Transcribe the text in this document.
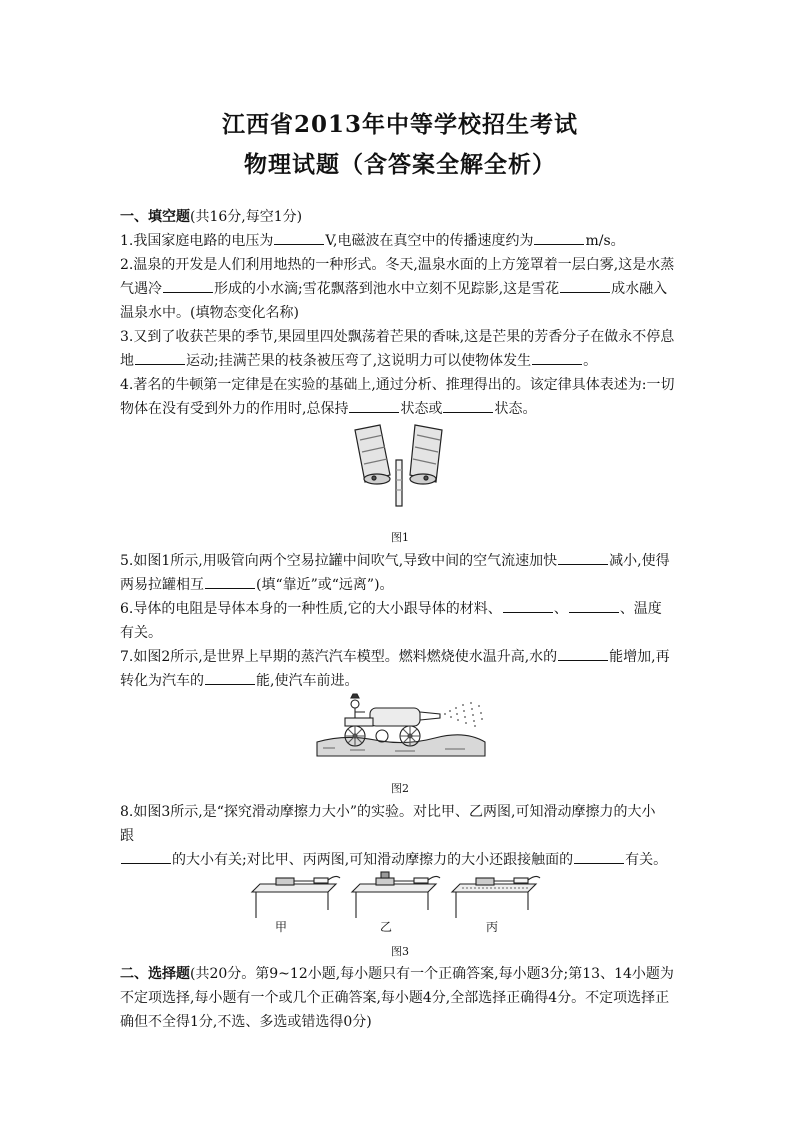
江西省2013年中等学校招生考试
物理试题（含答案全解全析）
一、填空题(共16分,每空1分)
1.我国家庭电路的电压为	V,电磁波在真空中的传播速度约为	m/s。
2.温泉的开发是人们利用地热的一种形式。冬天,温泉水面的上方笼罩着一层白雾,这是水蒸
气遇冷	形成的小水滴;雪花飘落到池水中立刻不见踪影,这是雪花	成水融入
温泉水中。(填物态变化名称)
3.又到了收获芒果的季节,果园里四处飘荡着芒果的香味,这是芒果的芳香分子在做永不停息
地	运动;挂满芒果的枝条被压弯了,这说明力可以使物体发生	。
4.著名的牛顿第一定律是在实验的基础上,通过分析、推理得出的。该定律具体表述为:一切
物体在没有受到外力的作用时,总保持	状态或	状态。
图1
5.如图1所示,用吸管向两个空易拉罐中间吹气,导致中间的空气流速加快	减小,使得
两易拉罐相互	(填“靠近”或“远离”)。
6.导体的电阻是导体本身的一种性质,它的大小跟导体的材料、	、	、温度
有关。
7.如图2所示,是世界上早期的蒸汽汽车模型。燃料燃烧使水温升高,水的	能增加,再
转化为汽车的	能,使汽车前进。
图2
8.如图3所示,是“探究滑动摩擦力大小”的实验。对比甲、乙两图,可知滑动摩擦力的大小
跟
的大小有关;对比甲、丙两图,可知滑动摩擦力的大小还跟接触面的	有关。
甲	乙	丙
图3
二、选择题(共20分。第9~12小题,每小题只有一个正确答案,每小题3分;第13、14小题为
不定项选择,每小题有一个或几个正确答案,每小题4分,全部选择正确得4分。不定项选择正
确但不全得1分,不选、多选或错选得0分)
